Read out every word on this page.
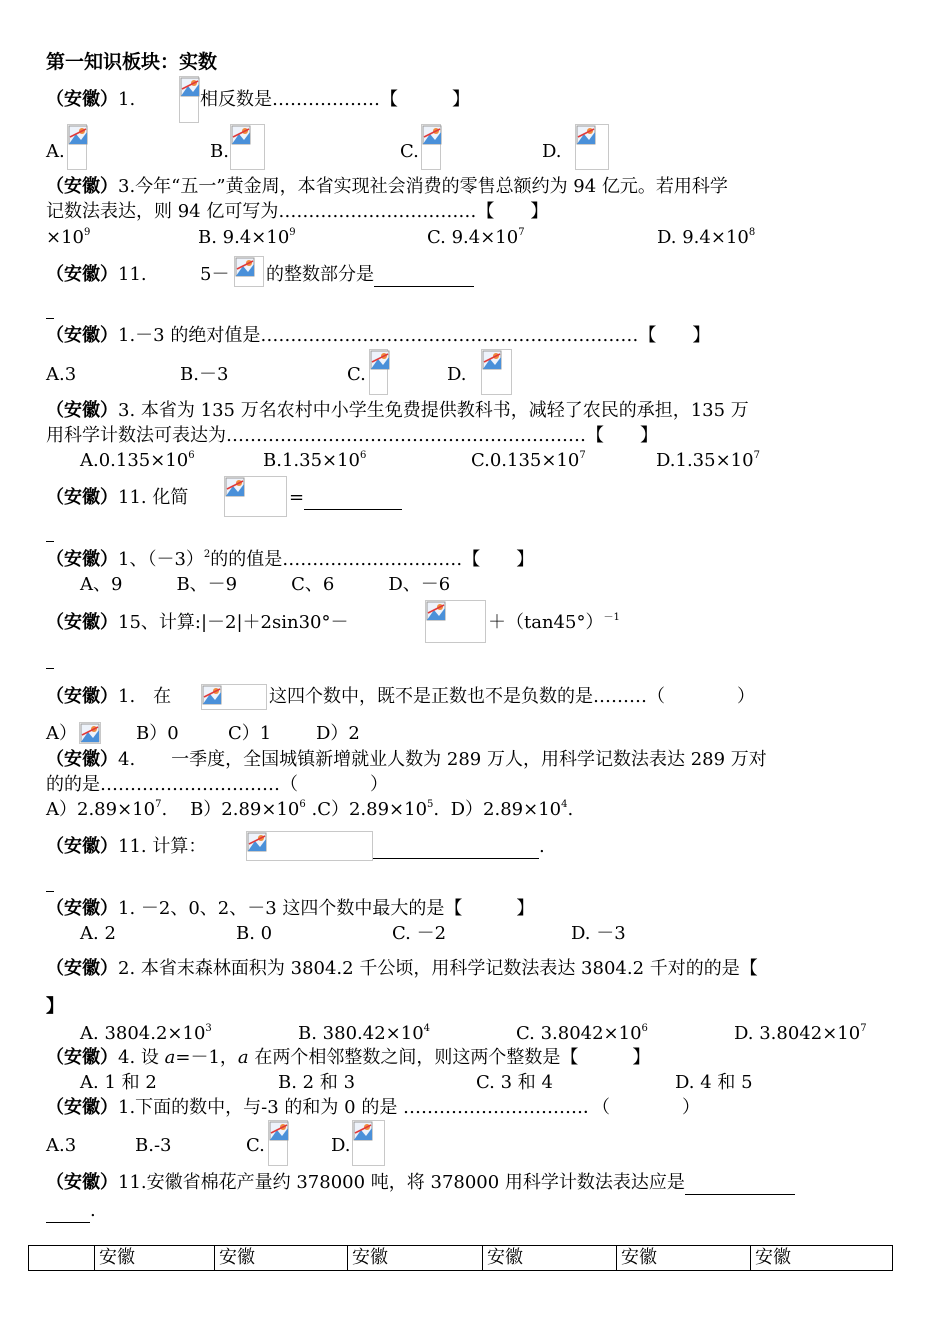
第一知识板块：实数
（安徽）1.	相反数是………………【　　　】
A.	B.	C.	D.
（安徽）3.今年“五一”黄金周，本省实现社会消费的零售总额约为 94 亿元。若用科学
记数法表达，则 94 亿可写为……………………………【　　】
$\times 10^9$	B. $9.4\times 10^9$	C. $9.4\times 10^7$	D. $9.4\times 10^8$
（安徽）11.	5－ 的整数部分是
（安徽）1.－3 的绝对值是………………………………………………………【　　】
A.3	B.－3	C.	D.
（安徽）3. 本省为 135 万名农村中小学生免费提供教科书，减轻了农民的承担，135 万
用科学计数法可表达为……………………………………………………【　　】
$A.0.135\times 10^6$	$B.1.35\times 10^6$	$C.0.135\times 10^7$	$D.1.35\times 10^7$
（安徽）11. 化简	=
（安徽）1、$(-3)^2$的的值是…………………………【　　】
A、9　　　B、－9　　　C、6　　　D、－6
（安徽）15、计算:|－2|＋2sin30°－	$+(\tan 45^\circ)^{-1}$
（安徽）1.　在	这四个数中，既不是正数也不是负数的是………（　　　　）
A）	B）0	C）1 D）2
（安徽）4.　　一季度，全国城镇新增就业人数为 289 万人，用科学记数法表达 289 万对
的的是…………………………（　　　　）
$A)2.89\times 10^7$. $B)2.89\times 10^6$ $.C)2.89\times 10^5$. $D)2.89\times 10^4$.
（安徽）11. 计算：	.
（安徽）1. －2、0、2、－3 这四个数中最大的是【　　　】
A. 2	B. 0	C. －2	D. －3
（安徽）2. 本省末森林面积为 3804.2 千公顷，用科学记数法表达 3804.2 千对的的是【
】
A. $3804.2\times 10^3$	B. $380.42\times 10^4$	C. $3.8042\times 10^6$	D. $3.8042\times 10^7$
（安徽）4. 设 a=－1，a 在两个相邻整数之间，则这两个整数是【　　　】
A. 1 和 2	B. 2 和 3	C. 3 和 4	D. 4 和 5
（安徽）1.下面的数中，与-3 的和为 0 的是 …………………………．（　　　　）
A.3	B.-3	C.	D.
（安徽）11.安徽省棉花产量约 378000 吨，将 378000 用科学计数法表达应是
.
	安徽	安徽	安徽	安徽	安徽	安徽
